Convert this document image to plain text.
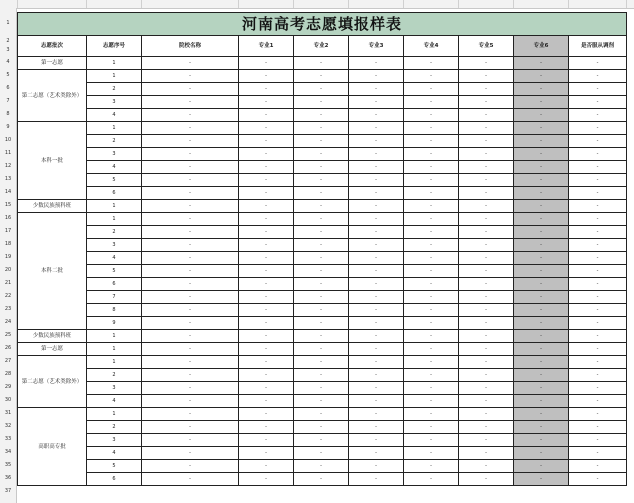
1
2
3
4
5
6
7
8
9
10
11
12
13
14
15
16
17
18
19
20
21
22
23
24
25
26
27
28
29
30
31
32
33
34
35
36
37
河南高考志愿填报样表									
志愿批次	志愿序号	院校名称	专业1	专业2	专业3	专业4	专业5	专业6	是否服从调剂
第一志愿	1	-	-	-	-	-	-	-	-
第二志愿（艺术类除外）	1	-	-	-	-	-	-	-	-
	2	-	-	-	-	-	-	-	-
	3	-	-	-	-	-	-	-	-
	4	-	-	-	-	-	-	-	-
本科一批	1	-	-	-	-	-	-	-	-
	2	-	-	-	-	-	-	-	-
	3	-	-	-	-	-	-	-	-
	4	-	-	-	-	-	-	-	-
	5	-	-	-	-	-	-	-	-
	6	-	-	-	-	-	-	-	-
少数民族预科班	1	-	-	-	-	-	-	-	-
本科二批	1	-	-	-	-	-	-	-	-
	2	-	-	-	-	-	-	-	-
	3	-	-	-	-	-	-	-	-
	4	-	-	-	-	-	-	-	-
	5	-	-	-	-	-	-	-	-
	6	-	-	-	-	-	-	-	-
	7	-	-	-	-	-	-	-	-
	8	-	-	-	-	-	-	-	-
	9	-	-	-	-	-	-	-	-
少数民族预科班	1	-	-	-	-	-	-	-	-
第一志愿	1	-	-	-	-	-	-	-	-
第二志愿（艺术类除外）	1	-	-	-	-	-	-	-	-
	2	-	-	-	-	-	-	-	-
	3	-	-	-	-	-	-	-	-
	4	-	-	-	-	-	-	-	-
高职高专批	1	-	-	-	-	-	-	-	-
	2	-	-	-	-	-	-	-	-
	3	-	-	-	-	-	-	-	-
	4	-	-	-	-	-	-	-	-
	5	-	-	-	-	-	-	-	-
	6	-	-	-	-	-	-	-	-
